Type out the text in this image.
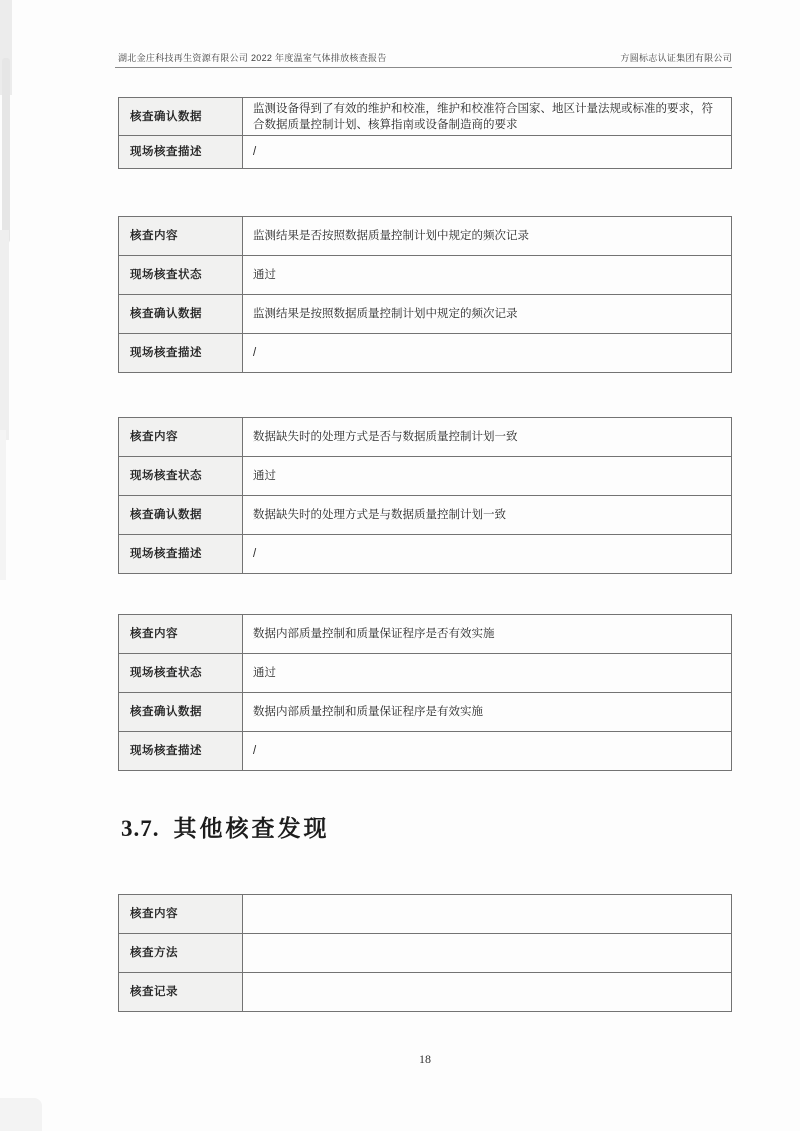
湖北金庄科技再生资源有限公司 2022 年度温室气体排放核查报告	方圆标志认证集团有限公司
核查确认数据	监测设备得到了有效的维护和校准，维护和校准符合国家、地区计量法规或标准的要求，符合数据质量控制计划、核算指南或设备制造商的要求
现场核查描述	/
核查内容	监测结果是否按照数据质量控制计划中规定的频次记录
现场核查状态	通过
核查确认数据	监测结果是按照数据质量控制计划中规定的频次记录
现场核查描述	/
核查内容	数据缺失时的处理方式是否与数据质量控制计划一致
现场核查状态	通过
核查确认数据	数据缺失时的处理方式是与数据质量控制计划一致
现场核查描述	/
核查内容	数据内部质量控制和质量保证程序是否有效实施
现场核查状态	通过
核查确认数据	数据内部质量控制和质量保证程序是有效实施
现场核查描述	/
3.7. 其他核查发现
核查内容	
核查方法	
核查记录	
18
